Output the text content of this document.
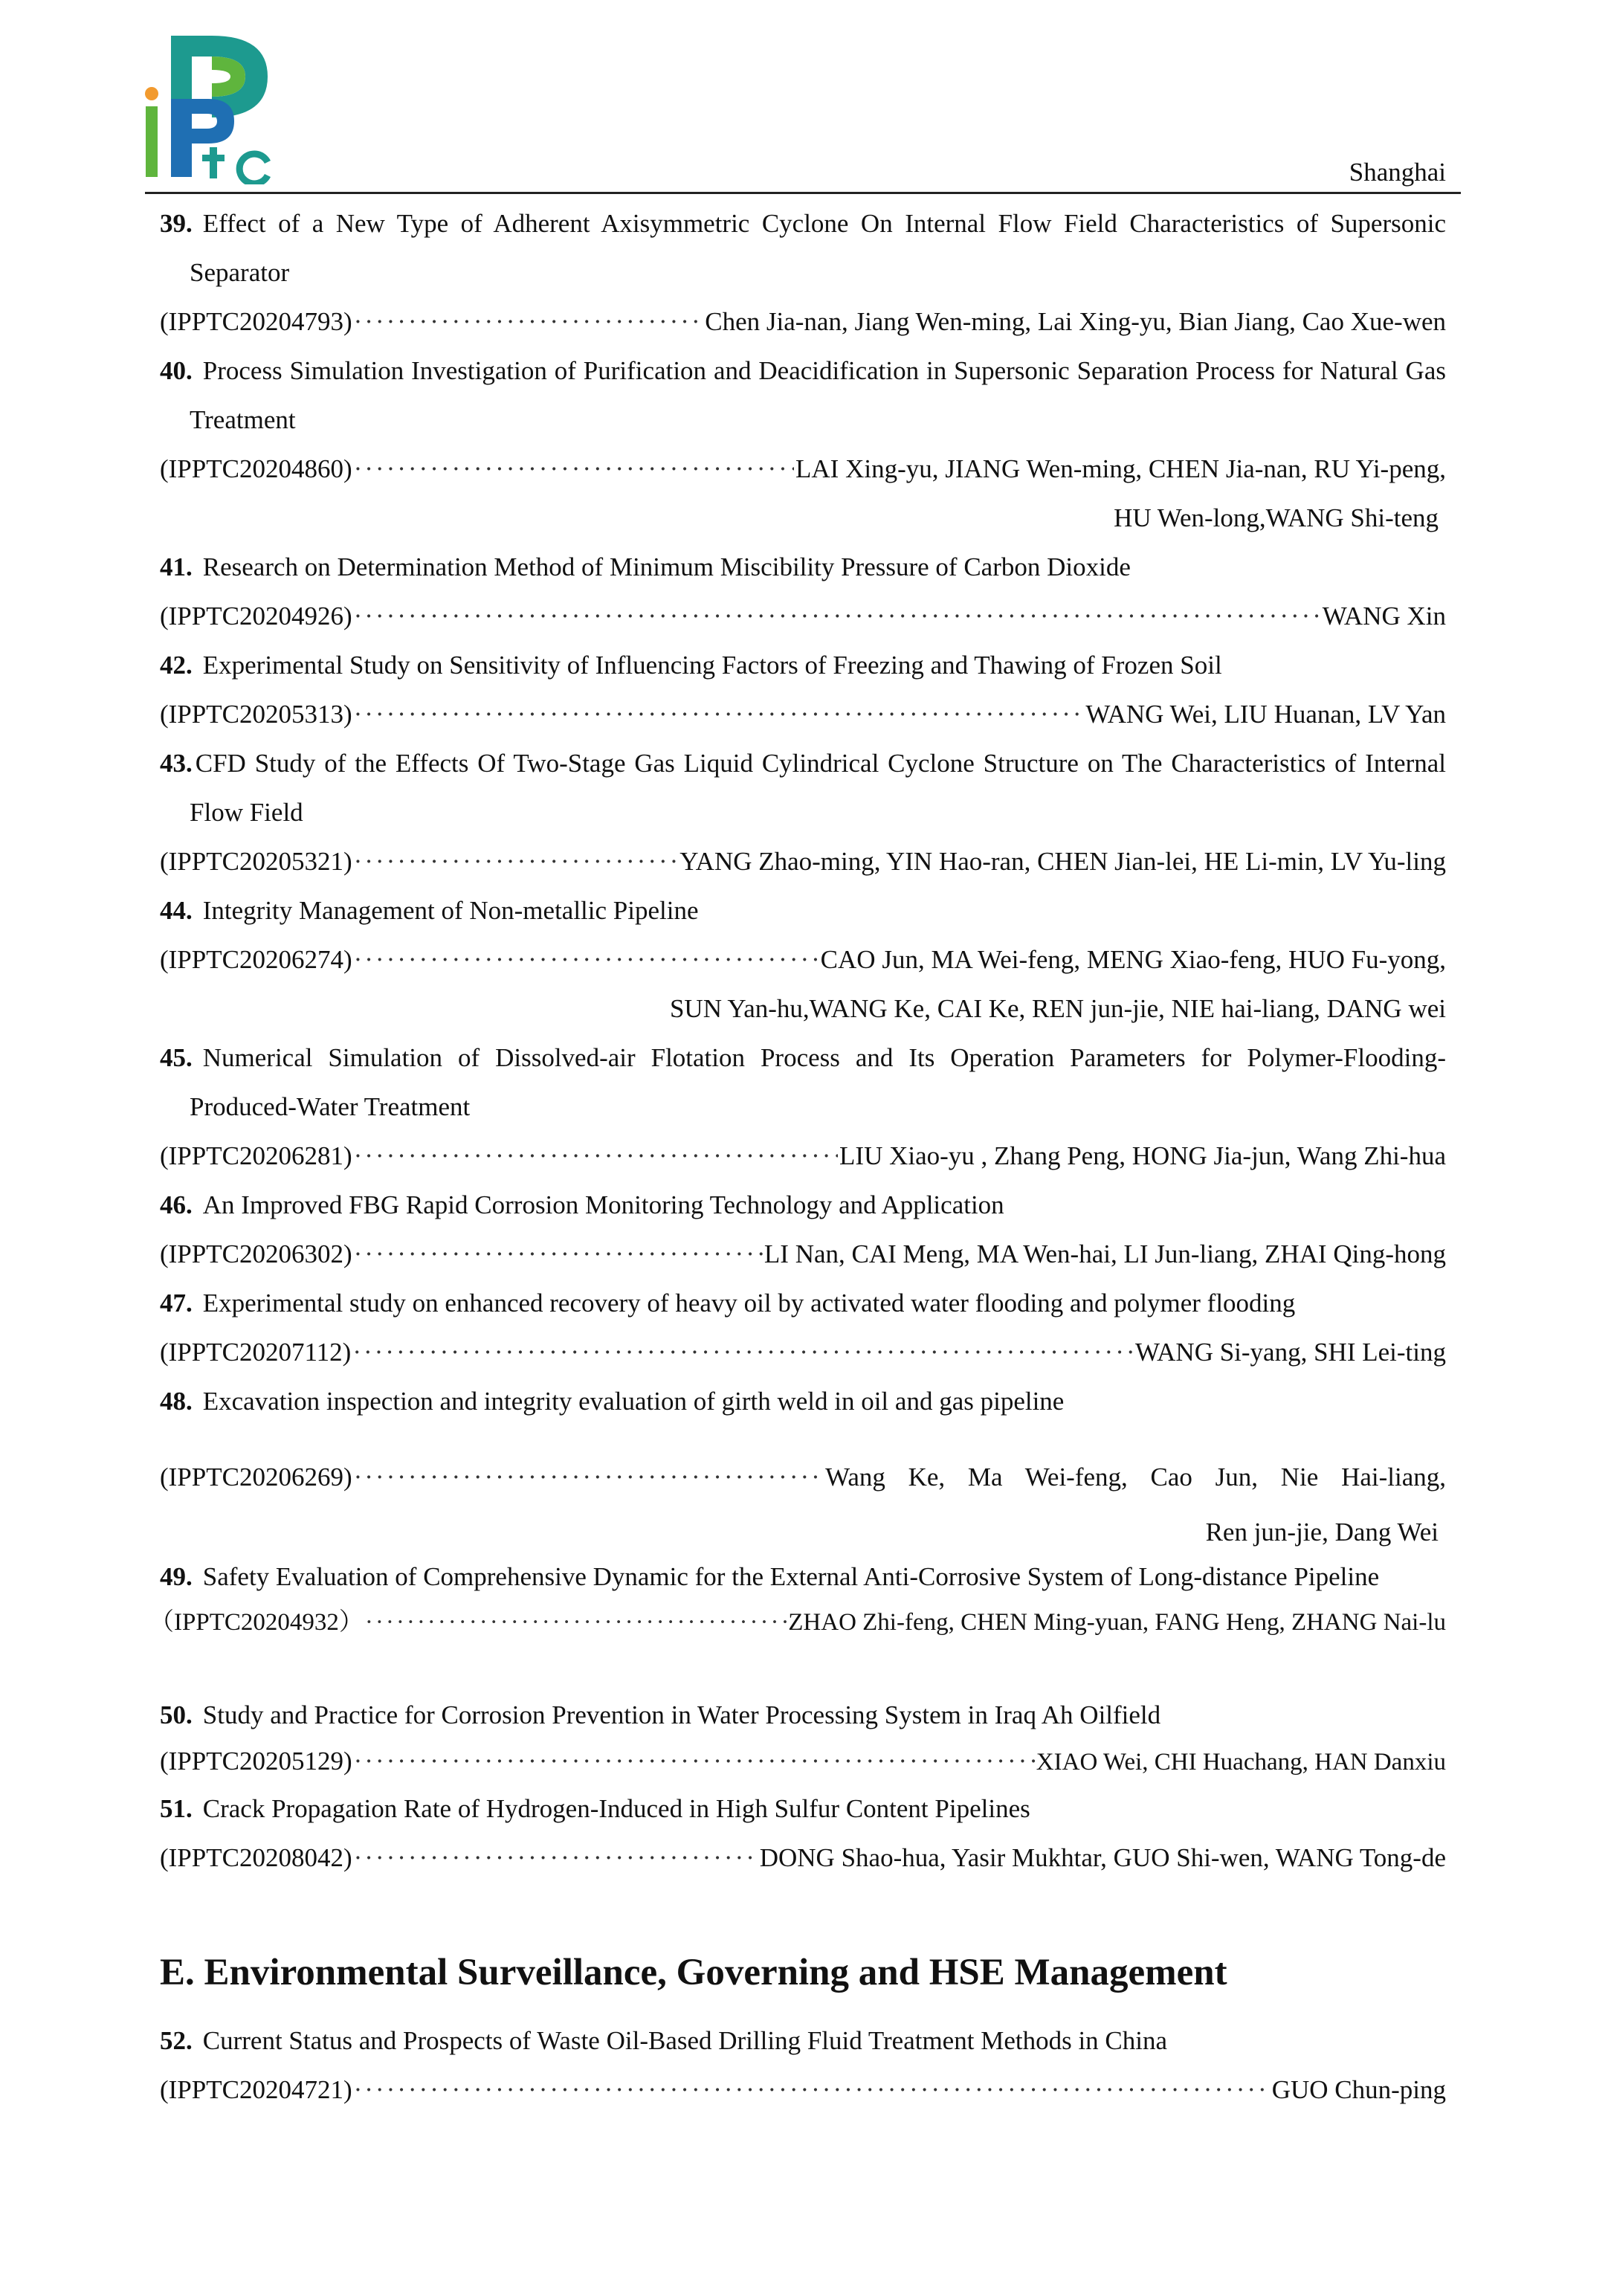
Shanghai
39. Effect of a New Type of Adherent Axisymmetric Cyclone On Internal Flow Field Characteristics of Supersonic Separator
(IPPTC20204793) ·····	Chen Jia-nan, Jiang Wen-ming, Lai Xing-yu, Bian Jiang, Cao Xue-wen
40. Process Simulation Investigation of Purification and Deacidification in Supersonic Separation Process for Natural Gas Treatment
(IPPTC20204860) ·····	LAI Xing-yu, JIANG Wen-ming, CHEN Jia-nan, RU Yi-peng,
HU Wen-long,WANG Shi-teng
41. Research on Determination Method of Minimum Miscibility Pressure of Carbon Dioxide
(IPPTC20204926) ·····	WANG Xin
42. Experimental Study on Sensitivity of Influencing Factors of Freezing and Thawing of Frozen Soil
(IPPTC20205313) ·····	WANG Wei, LIU Huanan, LV Yan
43. CFD Study of the Effects Of Two-Stage Gas Liquid Cylindrical Cyclone Structure on The Characteristics of Internal Flow Field
(IPPTC20205321) ·····	YANG Zhao-ming, YIN Hao-ran, CHEN Jian-lei, HE Li-min, LV Yu-ling
44. Integrity Management of Non-metallic Pipeline
(IPPTC20206274) ·····	CAO Jun, MA Wei-feng, MENG Xiao-feng, HUO Fu-yong,
SUN Yan-hu,WANG Ke, CAI Ke, REN jun-jie, NIE hai-liang, DANG wei
45. Numerical Simulation of Dissolved-air Flotation Process and Its Operation Parameters for Polymer-Flooding-Produced-Water Treatment
(IPPTC20206281) ·····	LIU Xiao-yu , Zhang Peng, HONG Jia-jun, Wang Zhi-hua
46. An Improved FBG Rapid Corrosion Monitoring Technology and Application
(IPPTC20206302) ·····	LI Nan, CAI Meng, MA Wen-hai, LI Jun-liang, ZHAI Qing-hong
47. Experimental study on enhanced recovery of heavy oil by activated water flooding and polymer flooding
(IPPTC20207112) ·····	WANG Si-yang, SHI Lei-ting
48. Excavation inspection and integrity evaluation of girth weld in oil and gas pipeline
(IPPTC20206269) ·····	Wang Ke, Ma Wei-feng, Cao Jun, Nie Hai-liang,
Ren jun-jie, Dang Wei
49. Safety Evaluation of Comprehensive Dynamic for the External Anti-Corrosive System of Long-distance Pipeline
（IPPTC20204932） ·····	ZHAO Zhi-feng, CHEN Ming-yuan, FANG Heng, ZHANG Nai-lu
50. Study and Practice for Corrosion Prevention in Water Processing System in Iraq Ah Oilfield
(IPPTC20205129) ·····	XIAO Wei, CHI Huachang, HAN Danxiu
51. Crack Propagation Rate of Hydrogen-Induced in High Sulfur Content Pipelines
(IPPTC20208042) ·····	DONG Shao-hua, Yasir Mukhtar, GUO Shi-wen, WANG Tong-de
E. Environmental Surveillance, Governing and HSE Management
52. Current Status and Prospects of Waste Oil-Based Drilling Fluid Treatment Methods in China
(IPPTC20204721) ·····	GUO Chun-ping
